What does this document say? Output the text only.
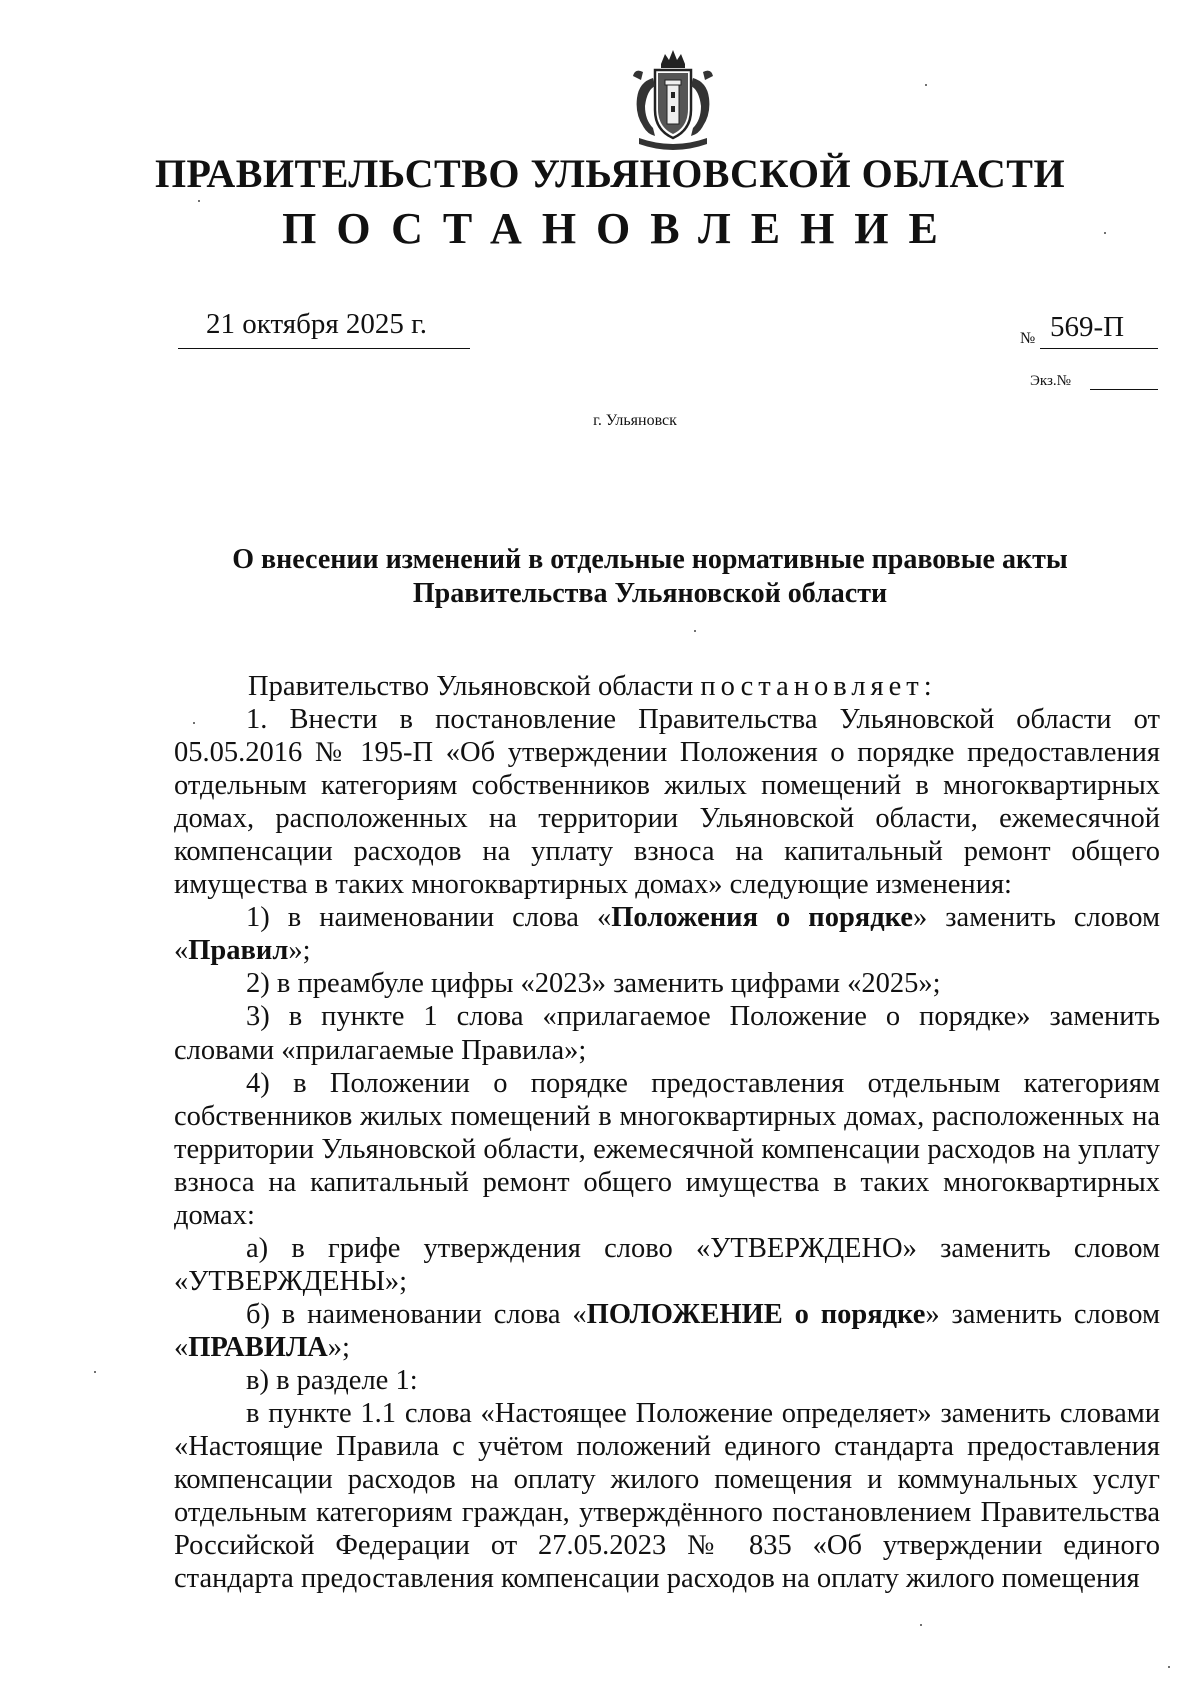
ПРАВИТЕЛЬСТВО УЛЬЯНОВСКОЙ ОБЛАСТИ
ПОСТАНОВЛЕНИЕ
21 октября 2025 г.	№ 569-П
Экз.№
г. Ульяновск
О внесении изменений в отдельные нормативные правовые акты
Правительства Ульяновской области

Правительство Ульяновской области постановляет:

1. Внести в постановление Правительства Ульяновской области от 05.05.2016 № 195-П «Об утверждении Положения о порядке предоставления отдельным категориям собственников жилых помещений в многоквартирных домах, расположенных на территории Ульяновской области, ежемесячной компенсации расходов на уплату взноса на капитальный ремонт общего имущества в таких многоквартирных домах» следующие изменения:

1) в наименовании слова «Положения о порядке» заменить словом «Правил»;

2) в преамбуле цифры «2023» заменить цифрами «2025»;

3) в пункте 1 слова «прилагаемое Положение о порядке» заменить словами «прилагаемые Правила»;

4) в Положении о порядке предоставления отдельным категориям собственников жилых помещений в многоквартирных домах, расположенных на территории Ульяновской области, ежемесячной компенсации расходов на уплату взноса на капитальный ремонт общего имущества в таких многоквартирных домах:

а) в грифе утверждения слово «УТВЕРЖДЕНО» заменить словом «УТВЕРЖДЕНЫ»;

б) в наименовании слова «ПОЛОЖЕНИЕ о порядке» заменить словом «ПРАВИЛА»;

в) в разделе 1:

в пункте 1.1 слова «Настоящее Положение определяет» заменить словами «Настоящие Правила с учётом положений единого стандарта предоставления компенсации расходов на оплату жилого помещения и коммунальных услуг отдельным категориям граждан, утверждённого постановлением Правительства Российской Федерации от 27.05.2023 № 835 «Об утверждении единого стандарта предоставления компенсации расходов на оплату жилого помещения
